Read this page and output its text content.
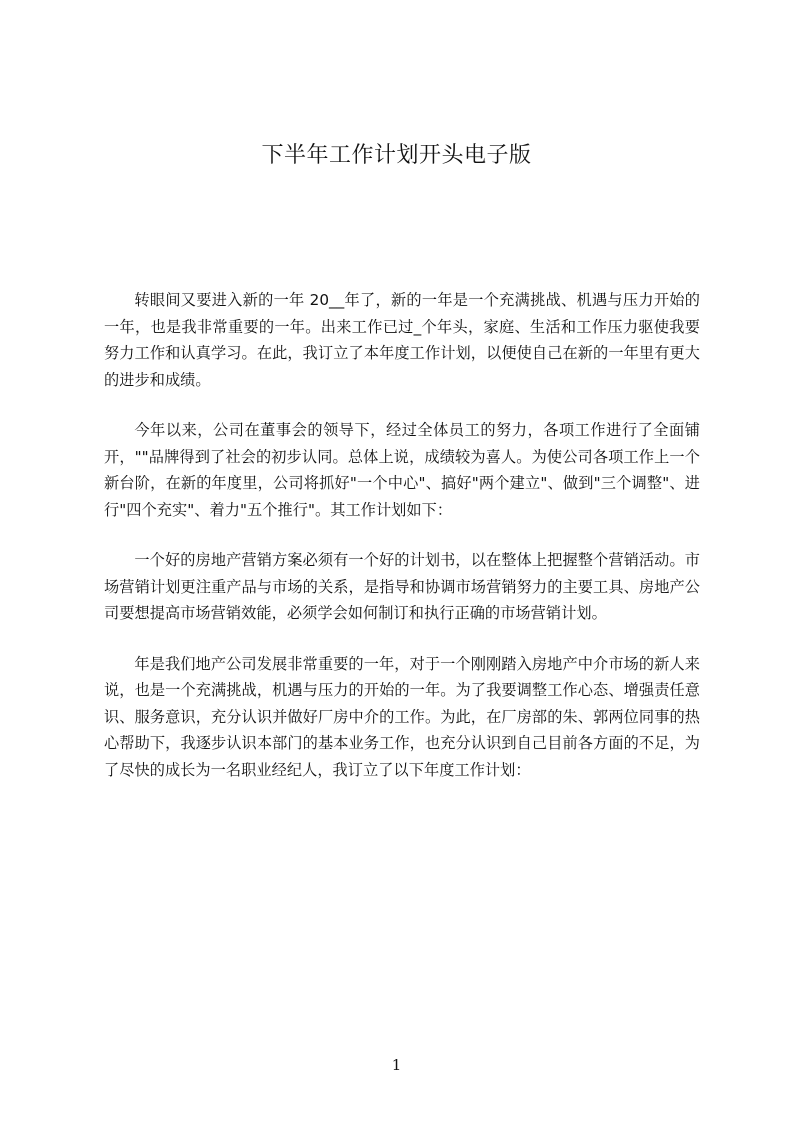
下半年工作计划开头电子版

转眼间又要进入新的一年 20__年了，新的一年是一个充满挑战、机遇与压力开始的一年，也是我非常重要的一年。出来工作已过_个年头，家庭、生活和工作压力驱使我要努力工作和认真学习。在此，我订立了本年度工作计划，以便使自己在新的一年里有更大的进步和成绩。

今年以来，公司在董事会的领导下，经过全体员工的努力，各项工作进行了全面铺开，""品牌得到了社会的初步认同。总体上说，成绩较为喜人。为使公司各项工作上一个新台阶，在新的年度里，公司将抓好"一个中心"、搞好"两个建立"、做到"三个调整"、进行"四个充实"、着力"五个推行"。其工作计划如下：

一个好的房地产营销方案必须有一个好的计划书，以在整体上把握整个营销活动。市场营销计划更注重产品与市场的关系，是指导和协调市场营销努力的主要工具、房地产公司要想提高市场营销效能，必须学会如何制订和执行正确的市场营销计划。

年是我们地产公司发展非常重要的一年，对于一个刚刚踏入房地产中介市场的新人来说，也是一个充满挑战，机遇与压力的开始的一年。为了我要调整工作心态、增强责任意识、服务意识，充分认识并做好厂房中介的工作。为此，在厂房部的朱、郭两位同事的热心帮助下，我逐步认识本部门的基本业务工作，也充分认识到自己目前各方面的不足，为了尽快的成长为一名职业经纪人，我订立了以下年度工作计划：

1
